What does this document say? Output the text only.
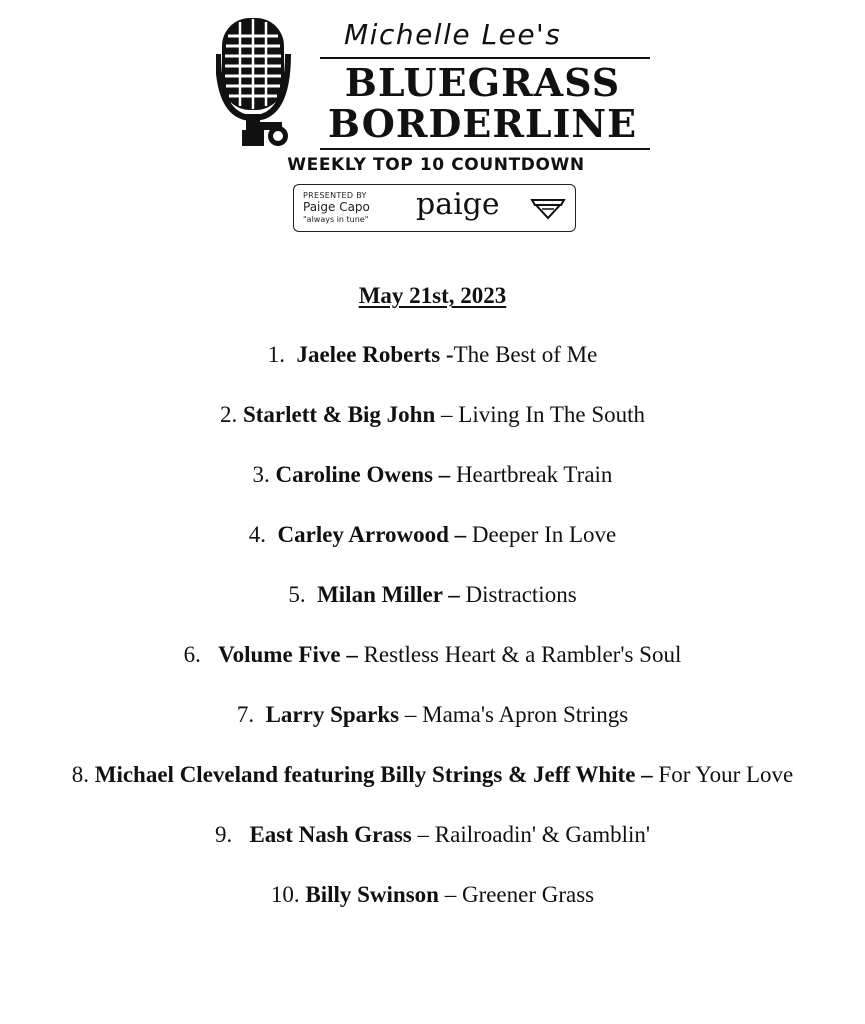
Michelle Lee's
BLUEGRASS
BORDERLINE
WEEKLY TOP 10 COUNTDOWN
PRESENTED BY
Paige Capo
"always in tune" paige
May 21st, 2023
1.  Jaelee Roberts -The Best of Me
2. Starlett & Big John – Living In The South
3. Caroline Owens – Heartbreak Train
4.  Carley Arrowood – Deeper In Love
5.  Milan Miller – Distractions
6.   Volume Five – Restless Heart & a Rambler's Soul
7.  Larry Sparks – Mama's Apron Strings
8. Michael Cleveland featuring Billy Strings & Jeff White – For Your Love
9.   East Nash Grass – Railroadin' & Gamblin'
10. Billy Swinson – Greener Grass
